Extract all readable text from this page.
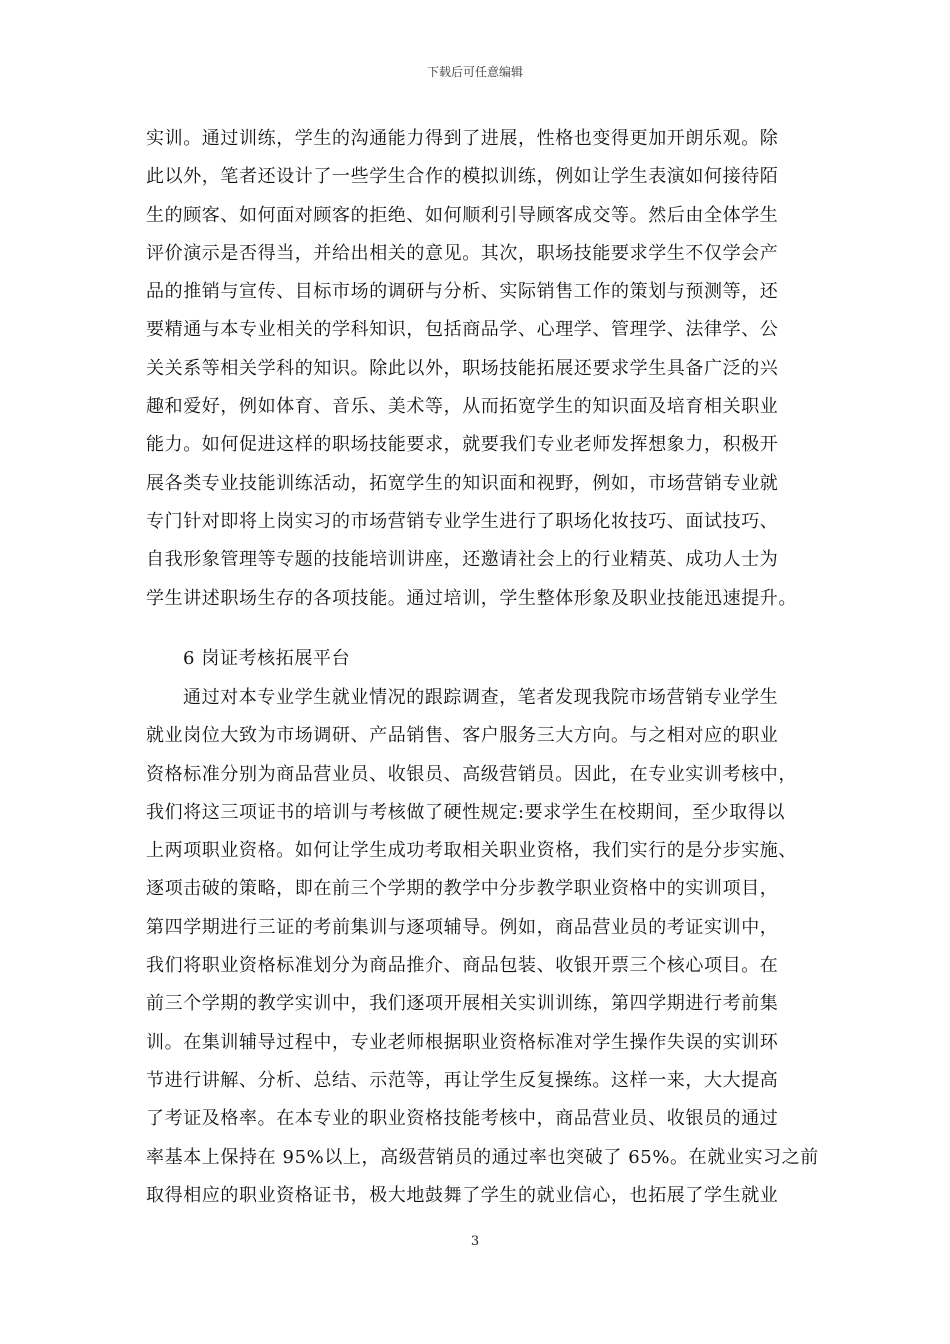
下载后可任意编辑
实训。通过训练，学生的沟通能力得到了进展，性格也变得更加开朗乐观。除
此以外，笔者还设计了一些学生合作的模拟训练，例如让学生表演如何接待陌
生的顾客、如何面对顾客的拒绝、如何顺利引导顾客成交等。然后由全体学生
评价演示是否得当，并给出相关的意见。其次，职场技能要求学生不仅学会产
品的推销与宣传、目标市场的调研与分析、实际销售工作的策划与预测等，还
要精通与本专业相关的学科知识，包括商品学、心理学、管理学、法律学、公
关关系等相关学科的知识。除此以外，职场技能拓展还要求学生具备广泛的兴
趣和爱好，例如体育、音乐、美术等，从而拓宽学生的知识面及培育相关职业
能力。如何促进这样的职场技能要求，就要我们专业老师发挥想象力，积极开
展各类专业技能训练活动，拓宽学生的知识面和视野，例如，市场营销专业就
专门针对即将上岗实习的市场营销专业学生进行了职场化妆技巧、面试技巧、
自我形象管理等专题的技能培训讲座，还邀请社会上的行业精英、成功人士为
学生讲述职场生存的各项技能。通过培训，学生整体形象及职业技能迅速提升。
6 岗证考核拓展平台
通过对本专业学生就业情况的跟踪调查，笔者发现我院市场营销专业学生
就业岗位大致为市场调研、产品销售、客户服务三大方向。与之相对应的职业
资格标准分别为商品营业员、收银员、高级营销员。因此，在专业实训考核中，
我们将这三项证书的培训与考核做了硬性规定:要求学生在校期间，至少取得以
上两项职业资格。如何让学生成功考取相关职业资格，我们实行的是分步实施、
逐项击破的策略，即在前三个学期的教学中分步教学职业资格中的实训项目，
第四学期进行三证的考前集训与逐项辅导。例如，商品营业员的考证实训中，
我们将职业资格标准划分为商品推介、商品包装、收银开票三个核心项目。在
前三个学期的教学实训中，我们逐项开展相关实训训练，第四学期进行考前集
训。在集训辅导过程中，专业老师根据职业资格标准对学生操作失误的实训环
节进行讲解、分析、总结、示范等，再让学生反复操练。这样一来，大大提高
了考证及格率。在本专业的职业资格技能考核中，商品营业员、收银员的通过
率基本上保持在 95%以上，高级营销员的通过率也突破了 65%。在就业实习之前
取得相应的职业资格证书，极大地鼓舞了学生的就业信心，也拓展了学生就业
3
